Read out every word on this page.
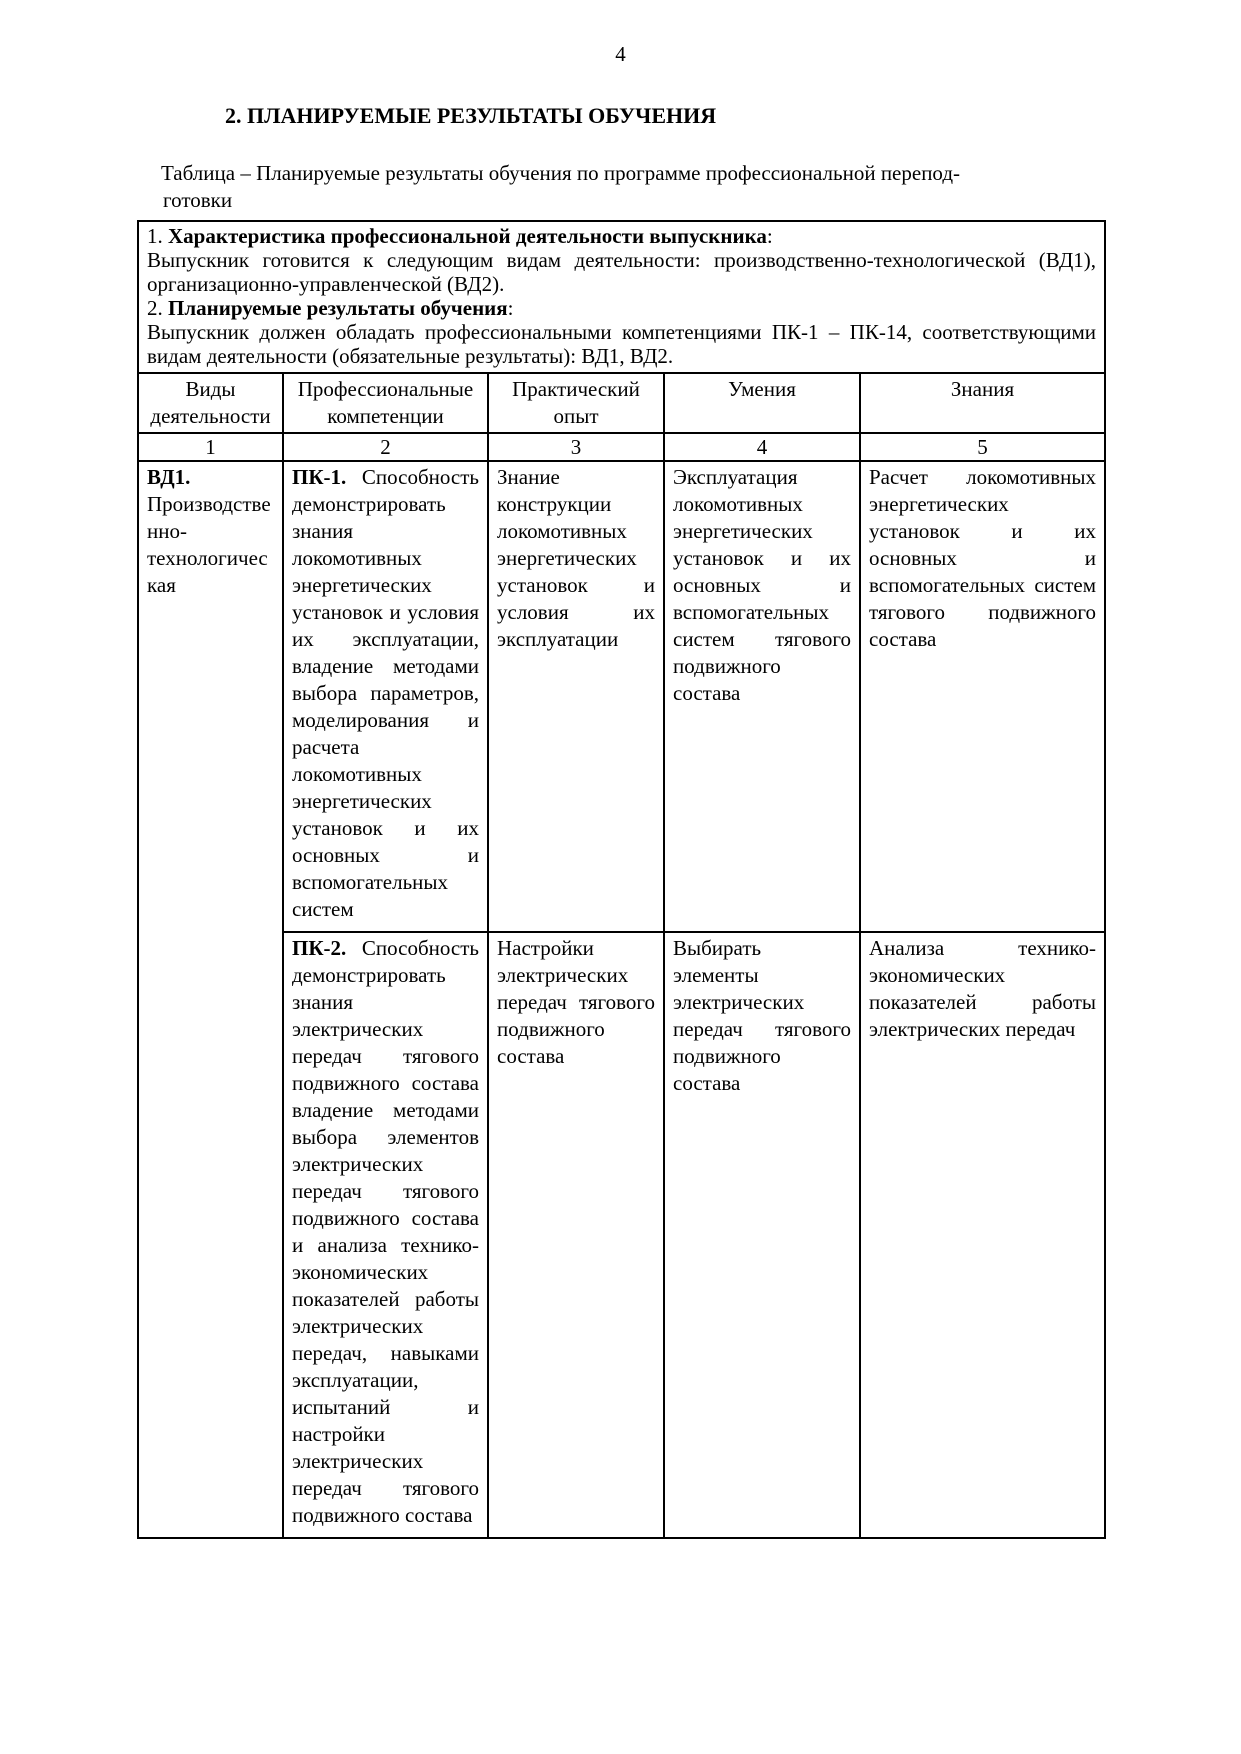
4
2. ПЛАНИРУЕМЫЕ РЕЗУЛЬТАТЫ ОБУЧЕНИЯ

Таблица – Планируемые результаты обучения по программе профессиональной перепод-
готовки

1. Характеристика профессиональной деятельности выпускника:

Выпускник готовится к следующим видам деятельности: производственно-технологической (ВД1), организационно-управленческой (ВД2).

2. Планируемые результаты обучения:

Выпускник должен обладать профессиональными компетенциями ПК-1 – ПК-14, соответствующими видам деятельности (обязательные результаты): ВД1, ВД2.				

Виды деятельности	Профессиональные компетенции	Практический опыт	Умения	Знания
1	2	3	4	5
ВД1. Производственно-технологическая	ПК-1. Способность демонстрировать знания локомотивных энергетических установок и условия их эксплуатации, владение методами выбора параметров, моделирования и расчета локомотивных энергетических установок и их основных и вспомогательных систем	Знание конструкции локомотивных энергетических установок и условия их эксплуатации	Эксплуатация локомотивных энергетических установок и их основных и вспомогательных систем тягового подвижного состава	Расчет локомотивных энергетических установок и их основных и вспомогательных систем тягового подвижного состава
	ПК-2. Способность демонстрировать знания электрических передач тягового подвижного состава владение методами выбора элементов электрических передач тягового подвижного состава и анализа технико-экономических показателей работы электрических передач, навыками эксплуатации, испытаний и настройки электрических передач тягового подвижного состава	Настройки электрических передач тягового подвижного состава	Выбирать элементы электрических передач тягового подвижного состава	Анализа технико-экономических показателей работы электрических передач
